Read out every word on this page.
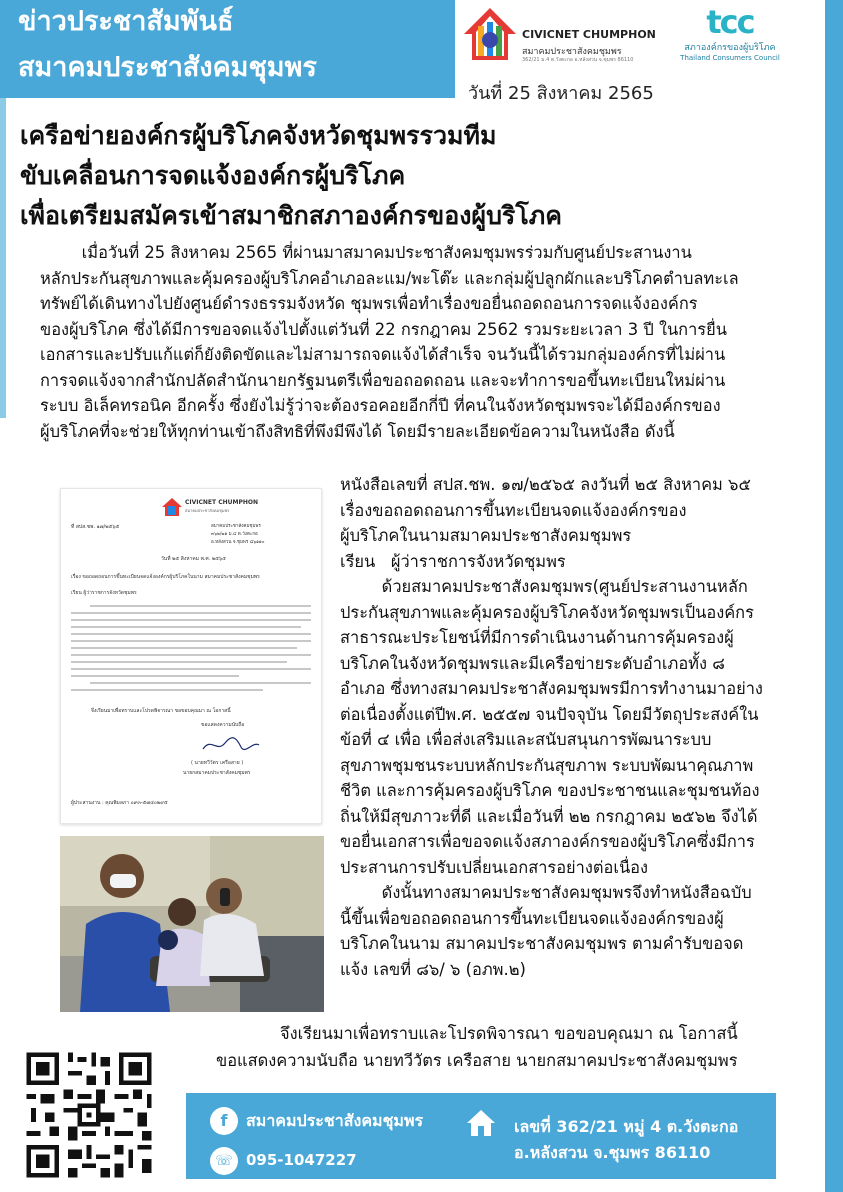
ข่าวประชาสัมพันธ์
สมาคมประชาสังคมชุมพร
CIVICNET CHUMPHON
สมาคมประชาสังคมชุมพร
362/21 ม.4 ต.วังตะกอ อ.หลังสวน จ.ชุมพร 86110
tcc
สภาองค์กรของผู้บริโภค
Thailand Consumers Council
วันที่ 25 สิงหาคม 2565
เครือข่ายองค์กรผู้บริโภคจังหวัดชุมพรรวมทีม
ขับเคลื่อนการจดแจ้งองค์กรผู้บริโภค
เพื่อเตรียมสมัครเข้าสมาชิกสภาองค์กรของผู้บริโภค
เมื่อวันที่ 25 สิงหาคม 2565 ที่ผ่านมาสมาคมประชาสังคมชุมพรร่วมกับศูนย์ประสานงาน
หลักประกันสุขภาพและคุ้มครองผู้บริโภคอำเภอละแม/พะโต๊ะ และกลุ่มผู้ปลูกผักและบริโภคตำบลทะเล
ทรัพย์ได้เดินทางไปยังศูนย์ดำรงธรรมจังหวัด ชุมพรเพื่อทำเรื่องขอยื่นถอดถอนการจดแจ้งองค์กร
ของผู้บริโภค ซึ่งได้มีการขอจดแจ้งไปตั้งแต่วันที่ 22 กรกฎาคม 2562 รวมระยะเวลา 3 ปี ในการยื่น
เอกสารและปรับแก้แต่ก็ยังติดขัดและไม่สามารถจดแจ้งได้สำเร็จ จนวันนี้ได้รวมกลุ่มองค์กรที่ไม่ผ่าน
การจดแจ้งจากสำนักปลัดสำนักนายกรัฐมนตรีเพื่อขอถอดถอน และจะทำการขอขึ้นทะเบียนใหม่ผ่าน
ระบบ อิเล็คทรอนิค อีกครั้ง ซึ่งยังไม่รู้ว่าจะต้องรอคอยอีกกี่ปี ที่คนในจังหวัดชุมพรจะได้มีองค์กรของ
ผู้บริโภคที่จะช่วยให้ทุกท่านเข้าถึงสิทธิที่พึงมีพึงได้ โดยมีรายละเอียดข้อความในหนังสือ ดังนี้
CIVICNET CHUMPHON
สมาคมประชาสังคมชุมพร
ที่ สปส.ชพ. ๑๗/๒๕๖๕	สมาคมประชาสังคมชุมพร
๓๖๒/๒๑ ม.๔ ต.วังตะกอ
อ.หลังสวน จ.ชุมพร ๘๖๑๑๐
วันที่ ๒๕ สิงหาคม พ.ศ. ๒๕๖๕
เรื่อง ขอถอดถอนการขึ้นทะเบียนจดแจ้งองค์กรผู้บริโภคในนาม สมาคมประชาสังคมชุมพร
เรียน ผู้ว่าราชการจังหวัดชุมพร
จึงเรียนมาเพื่อทราบและโปรดพิจารณา ขอขอบคุณมา ณ โอกาสนี้
ขอแสดงความนับถือ
( นายทวีวัตร เครือสาย )
นายกสมาคมประชาสังคมชุมพร
ผู้ประสานงาน : คุณพิมลภา ๐๙๓-๕๗๔๐๒๙๕
หนังสือเลขที่ สปส.ชพ. ๑๗/๒๕๖๕ ลงวันที่ ๒๕ สิงหาคม ๖๕
เรื่องขอถอดถอนการขึ้นทะเบียนจดแจ้งองค์กรของ
ผู้บริโภคในนามสมาคมประชาสังคมชุมพร
เรียน   ผู้ว่าราชการจังหวัดชุมพร
ด้วยสมาคมประชาสังคมชุมพร(ศูนย์ประสานงานหลัก
ประกันสุขภาพและคุ้มครองผู้บริโภคจังหวัดชุมพรเป็นองค์กร
สาธารณะประโยชน์ที่มีการดำเนินงานด้านการคุ้มครองผู้
บริโภคในจังหวัดชุมพรและมีเครือข่ายระดับอำเภอทั้ง ๘
อำเภอ ซึ่งทางสมาคมประชาสังคมชุมพรมีการทำงานมาอย่าง
ต่อเนื่องตั้งแต่ปีพ.ศ. ๒๕๕๗ จนปัจจุบัน โดยมีวัตถุประสงค์ใน
ข้อที่ ๔ เพื่อ เพื่อส่งเสริมและสนับสนุนการพัฒนาระบบ
สุขภาพชุมชนระบบหลักประกันสุขภาพ ระบบพัฒนาคุณภาพ
ชีวิต และการคุ้มครองผู้บริโภค ของประชาชนและชุมชนท้อง
ถิ่นให้มีสุขภาวะที่ดี และเมื่อวันที่ ๒๒ กรกฎาคม ๒๕๖๒ จึงได้
ขอยื่นเอกสารเพื่อขอจดแจ้งสภาองค์กรของผู้บริโภคซึ่งมีการ
ประสานการปรับเปลี่ยนเอกสารอย่างต่อเนื่อง
ดังนั้นทางสมาคมประชาสังคมชุมพรจึงทำหนังสือฉบับ
นี้ขึ้นเพื่อขอถอดถอนการขึ้นทะเบียนจดแจ้งองค์กรของผู้
บริโภคในนาม สมาคมประชาสังคมชุมพร ตามคำรับขอจด
แจ้ง เลขที่ ๘๖/ ๖ (อภพ.๒)
จึงเรียนมาเพื่อทราบและโปรดพิจารณา ขอขอบคุณมา ณ โอกาสนี้
ขอแสดงความนับถือ นายทวีวัตร เครือสาย นายกสมาคมประชาสังคมชุมพร
f	สมาคมประชาสังคมชุมพร
☏ 095-1047227
เลขที่ 362/21 หมู่ 4 ต.วังตะกอ
อ.หลังสวน จ.ชุมพร 86110
